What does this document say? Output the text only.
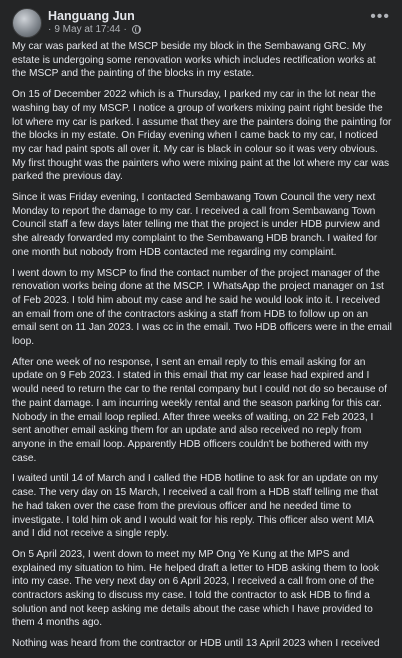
Hanguang Jun
· 9 May at 17:44 ·
•••

My car was parked at the MSCP beside my block in the Sembawang GRC. My estate is undergoing some renovation works which includes rectification works at the MSCP and the painting of the blocks in my estate.

On 15 of December 2022 which is a Thursday, I parked my car in the lot near the washing bay of my MSCP. I notice a group of workers mixing paint right beside the lot where my car is parked. I assume that they are the painters doing the painting for the blocks in my estate. On Friday evening when I came back to my car, I noticed my car had paint spots all over it. My car is black in colour so it was very obvious. My first thought was the painters who were mixing paint at the lot where my car was parked the previous day.

Since it was Friday evening, I contacted Sembawang Town Council the very next Monday to report the damage to my car. I received a call from Sembawang Town Council staff a few days later telling me that the project is under HDB purview and she already forwarded my complaint to the Sembawang HDB branch. I waited for one month but nobody from HDB contacted me regarding my complaint.

I went down to my MSCP to find the contact number of the project manager of the renovation works being done at the MSCP. I WhatsApp the project manager on 1st of Feb 2023. I told him about my case and he said he would look into it. I received an email from one of the contractors asking a staff from HDB to follow up on an email sent on 11 Jan 2023. I was cc in the email. Two HDB officers were in the email loop.

After one week of no response, I sent an email reply to this email asking for an update on 9 Feb 2023. I stated in this email that my car lease had expired and I would need to return the car to the rental company but I could not do so because of the paint damage. I am incurring weekly rental and the season parking for this car. Nobody in the email loop replied. After three weeks of waiting, on 22 Feb 2023, I sent another email asking them for an update and also received no reply from anyone in the email loop. Apparently HDB officers couldn't be bothered with my case.

I waited until 14 of March and I called the HDB hotline to ask for an update on my case. The very day on 15 March, I received a call from a HDB staff telling me that he had taken over the case from the previous officer and he needed time to investigate. I told him ok and I would wait for his reply. This officer also went MIA and I did not receive a single reply.

On 5 April 2023, I went down to meet my MP Ong Ye Kung at the MPS and explained my situation to him. He helped draft a letter to HDB asking them to look into my case. The very next day on 6 April 2023, I received a call from one of the contractors asking to discuss my case. I told the contractor to ask HDB to find a solution and not keep asking me details about the case which I have provided to them 4 months ago.

Nothing was heard from the contractor or HDB until 13 April 2023 when I received
